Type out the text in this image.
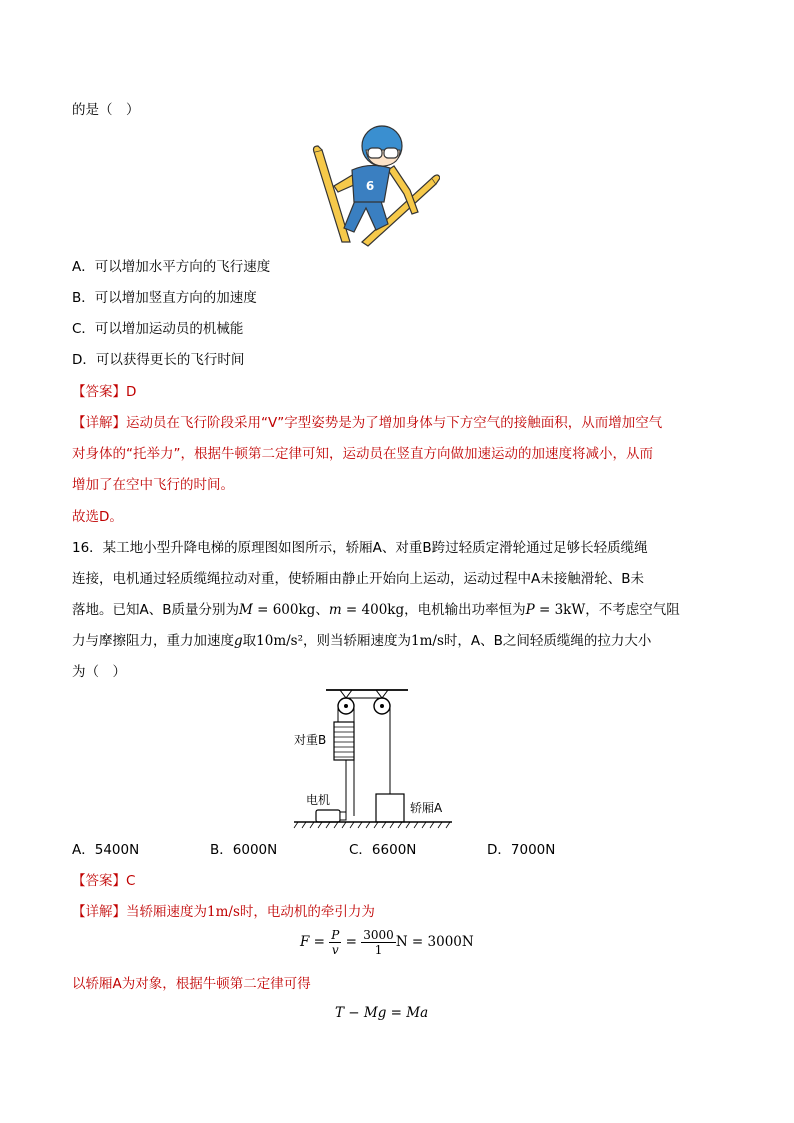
的是（　）
6
A．可以增加水平方向的飞行速度
B．可以增加竖直方向的加速度
C．可以增加运动员的机械能
D．可以获得更长的飞行时间
【答案】D
【详解】运动员在飞行阶段采用“V”字型姿势是为了增加身体与下方空气的接触面积，从而增加空气
对身体的“托举力”，根据牛顿第二定律可知，运动员在竖直方向做加速运动的加速度将减小，从而
增加了在空中飞行的时间。
故选D。
16．某工地小型升降电梯的原理图如图所示，轿厢A、对重B跨过轻质定滑轮通过足够长轻质缆绳
连接，电机通过轻质缆绳拉动对重，使轿厢由静止开始向上运动，运动过程中A未接触滑轮、B未
落地。已知A、B质量分别为M = 600kg、m = 400kg，电机输出功率恒为P = 3kW，不考虑空气阻
力与摩擦阻力，重力加速度g取10m/s²，则当轿厢速度为1m/s时，A、B之间轻质缆绳的拉力大小
为（　）
对重B
轿厢A
电机
A．5400N	B．6000N	C．6600N	D．7000N
【答案】C
【详解】当轿厢速度为1m/s时，电动机的牵引力为
$F = \frac{P}{v} = \frac{3000}{1}$ N = 3000N
以轿厢A为对象，根据牛顿第二定律可得
T − Mg = Ma
